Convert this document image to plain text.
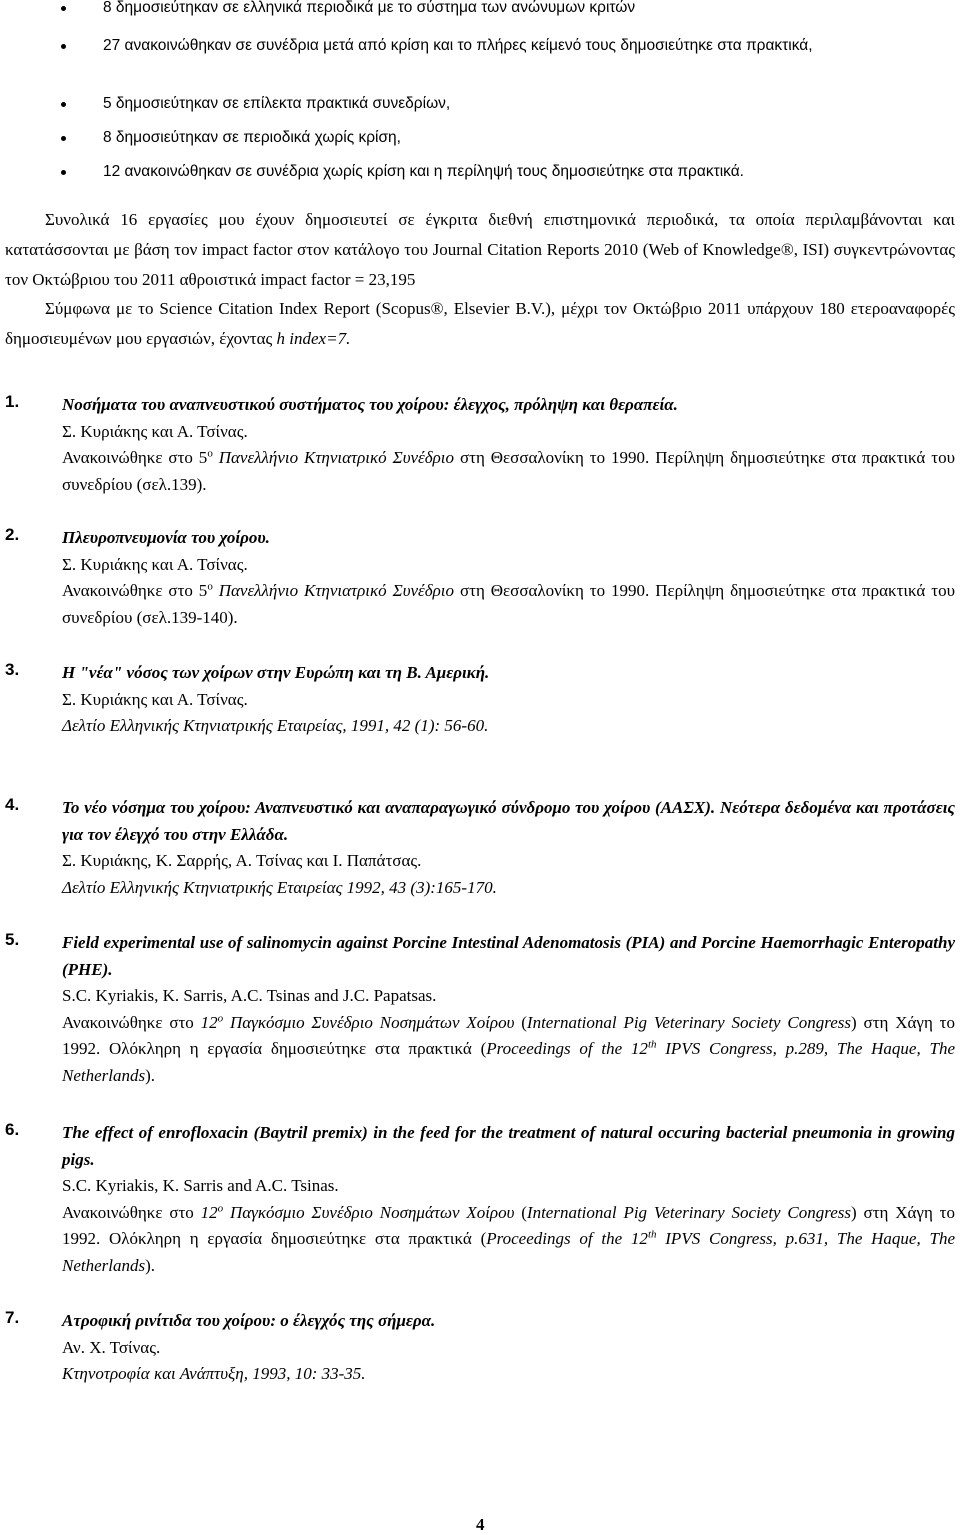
8 δημοσιεύτηκαν σε ελληνικά περιοδικά με το σύστημα των ανώνυμων κριτών
27 ανακοινώθηκαν σε συνέδρια μετά από κρίση και το πλήρες κείμενό τους δημοσιεύτηκε στα πρακτικά,
5 δημοσιεύτηκαν σε επίλεκτα πρακτικά συνεδρίων,
8 δημοσιεύτηκαν σε περιοδικά χωρίς κρίση,
12 ανακοινώθηκαν σε συνέδρια χωρίς κρίση και η περίληψή τους δημοσιεύτηκε στα πρακτικά.
Συνολικά 16 εργασίες μου έχουν δημοσιευτεί σε έγκριτα διεθνή επιστημονικά περιοδικά, τα οποία περιλαμβάνονται και κατατάσσονται με βάση τον impact factor στον κατάλογο του Journal Citation Reports 2010 (Web of Knowledge®, ISI) συγκεντρώνοντας τον Οκτώβριου του 2011 αθροιστικά impact factor = 23,195
Σύμφωνα με το Science Citation Index Report (Scopus®, Elsevier B.V.), μέχρι τον Οκτώβριο 2011 υπάρχουν 180 ετεροαναφορές δημοσιευμένων μου εργασιών, έχοντας h index=7.
1.	Νοσήματα του αναπνευστικού συστήματος του χοίρου: έλεγχος, πρόληψη και θεραπεία.
Σ. Κυριάκης και Α. Τσίνας.
Ανακοινώθηκε στο $5^o$ Πανελλήνιο Κτηνιατρικό Συνέδριο στη Θεσσαλονίκη το 1990. Περίληψη δημοσιεύτηκε στα πρακτικά του συνεδρίου (σελ.139).
2.	Πλευροπνευμονία του χοίρου.
Σ. Κυριάκης και Α. Τσίνας.
Ανακοινώθηκε στο $5^o$ Πανελλήνιο Κτηνιατρικό Συνέδριο στη Θεσσαλονίκη το 1990. Περίληψη δημοσιεύτηκε στα πρακτικά του συνεδρίου (σελ.139-140).
3.	Η "νέα" νόσος των χοίρων στην Ευρώπη και τη Β. Αμερική.
Σ. Κυριάκης και Α. Τσίνας.
Δελτίο Ελληνικής Κτηνιατρικής Εταιρείας, 1991, 42 (1): 56-60.
4.	Το νέο νόσημα του χοίρου: Αναπνευστικό και αναπαραγωγικό σύνδρομο του χοίρου (ΑΑΣΧ). Νεότερα δεδομένα και προτάσεις για τον έλεγχό του στην Ελλάδα.
Σ. Κυριάκης, Κ. Σαρρής, Α. Τσίνας και Ι. Παπάτσας.
Δελτίο Ελληνικής Κτηνιατρικής Εταιρείας 1992, 43 (3):165-170.
5.	Field experimental use of salinomycin against Porcine Intestinal Adenomatosis (PIA) and Porcine Haemorrhagic Enteropathy (PHE).
S.C. Kyriakis, K. Sarris, A.C. Tsinas and J.C. Papatsas.
Ανακοινώθηκε στο $12^o$ Παγκόσμιο Συνέδριο Νοσημάτων Χοίρου (International Pig Veterinary Society Congress) στη Χάγη το 1992. Ολόκληρη η εργασία δημοσιεύτηκε στα πρακτικά (Proceedings of the 12th IPVS Congress, p.289, The Haque, The Netherlands).
6.	The effect of enrofloxacin (Baytril premix) in the feed for the treatment of natural occuring bacterial pneumonia in growing pigs.
S.C. Kyriakis, K. Sarris and A.C. Tsinas.
Ανακοινώθηκε στο $12^o$ Παγκόσμιο Συνέδριο Νοσημάτων Χοίρου (International Pig Veterinary Society Congress) στη Χάγη το 1992. Ολόκληρη η εργασία δημοσιεύτηκε στα πρακτικά (Proceedings of the 12th IPVS Congress, p.631, The Haque, The Netherlands).
7.	Ατροφική ρινίτιδα του χοίρου: ο έλεγχός της σήμερα.
Αν. Χ. Τσίνας.
Κτηνοτροφία και Ανάπτυξη, 1993, 10: 33-35.
4
